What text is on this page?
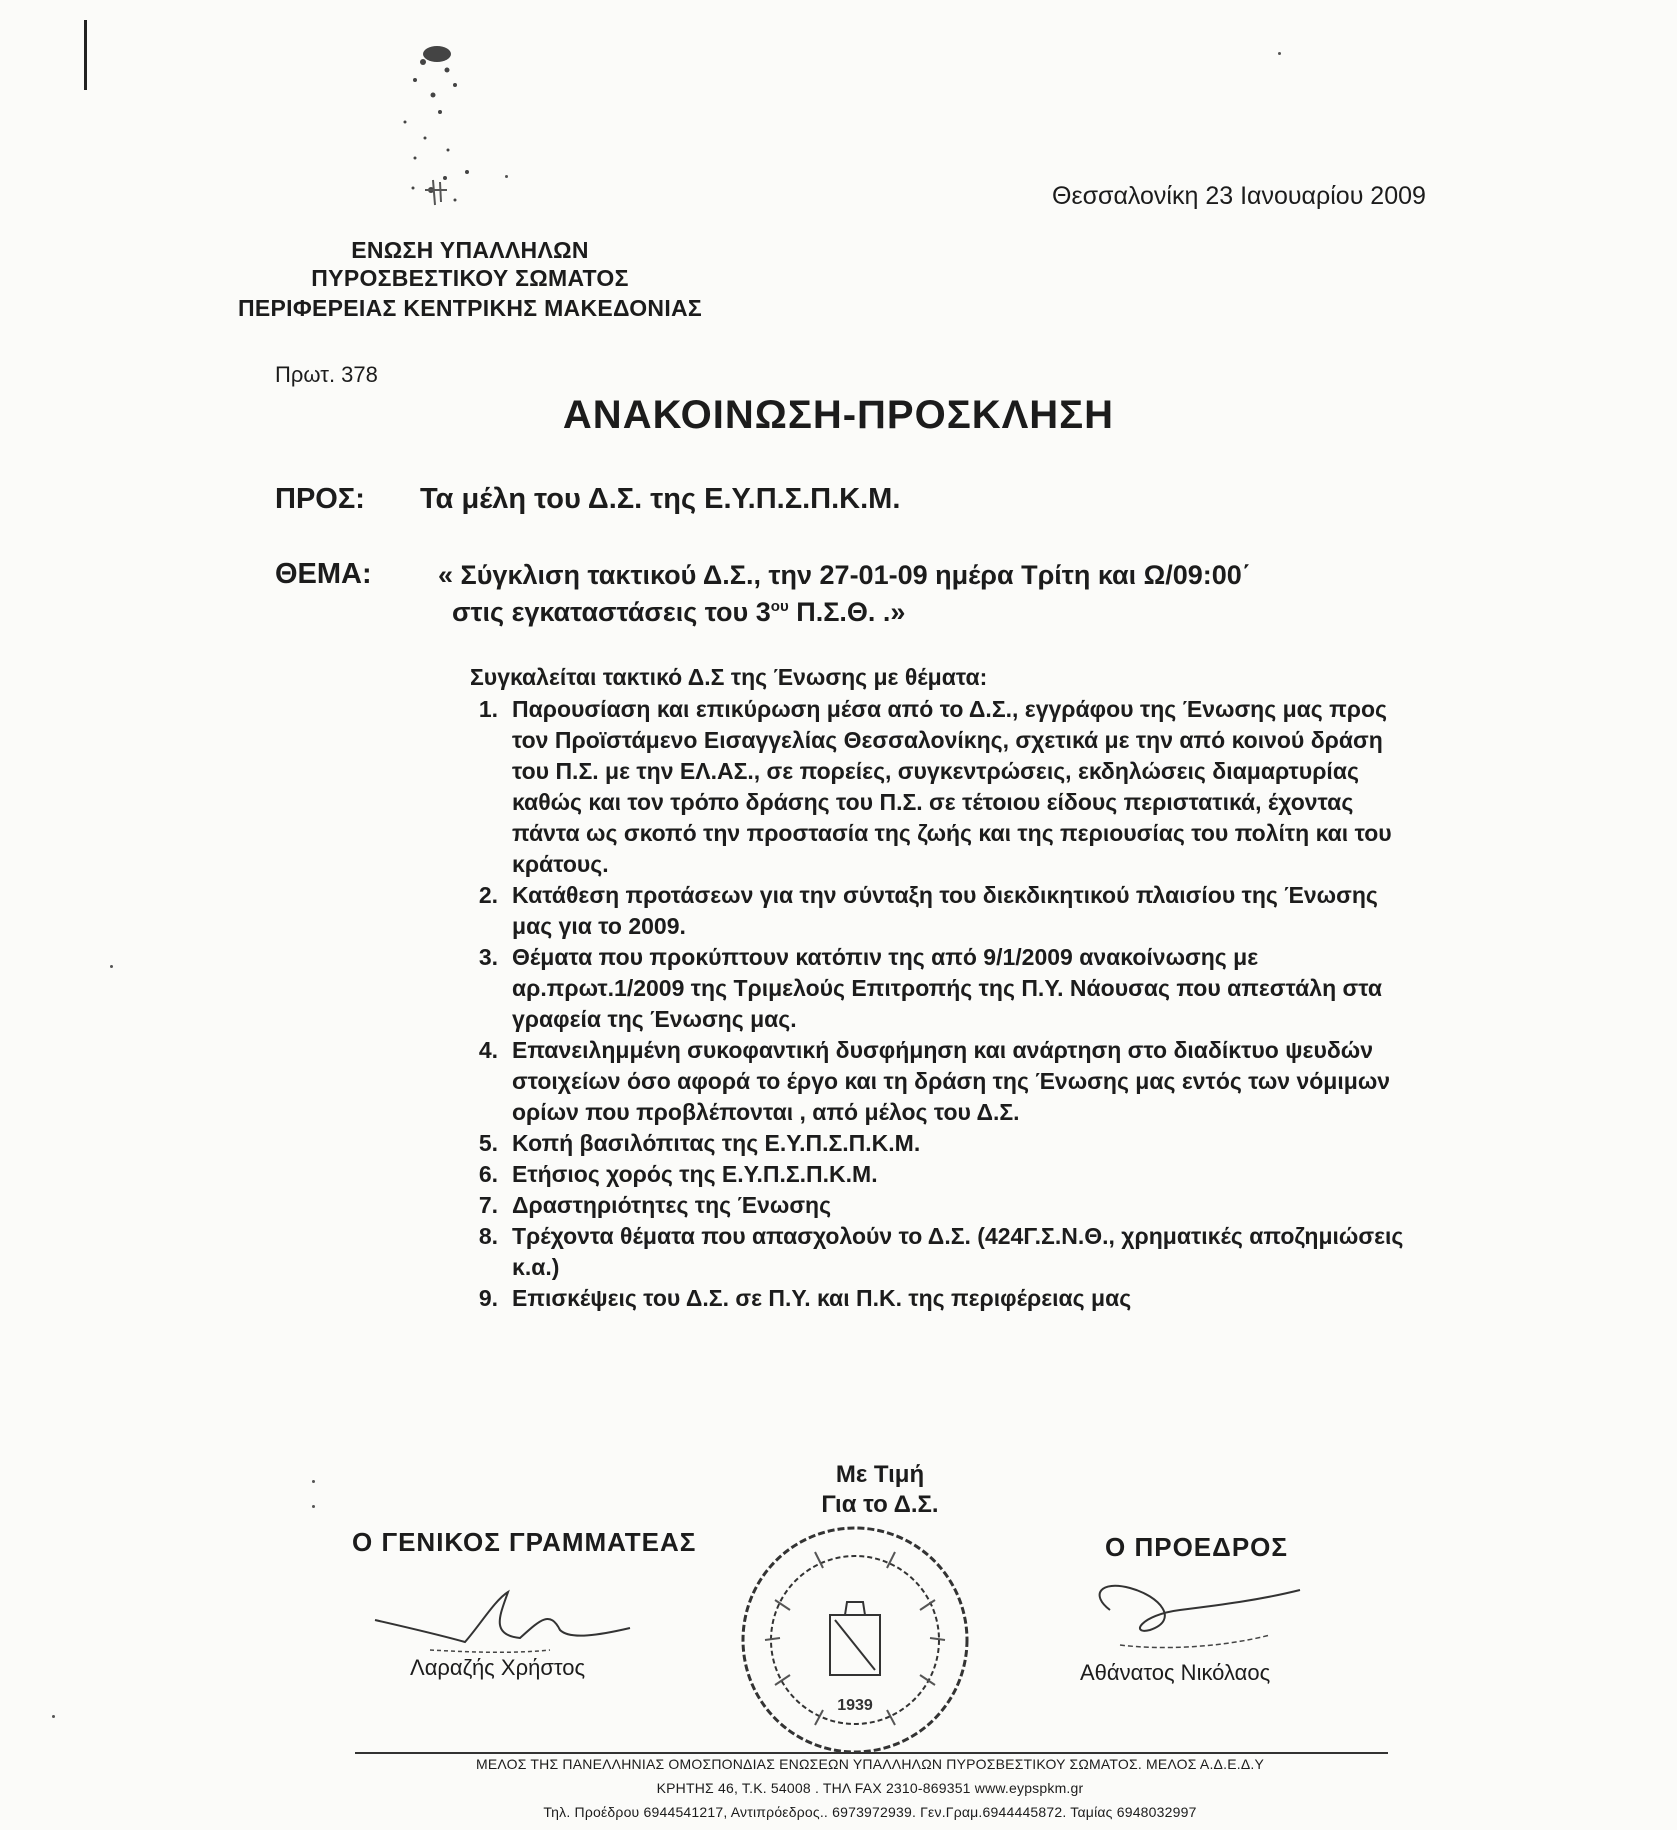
ΕΝΩΣΗ ΥΠΑΛΛΗΛΩΝ
ΠΥΡΟΣΒΕΣΤΙΚΟΥ ΣΩΜΑΤΟΣ
ΠΕΡΙΦΕΡΕΙΑΣ ΚΕΝΤΡΙΚΗΣ ΜΑΚΕΔΟΝΙΑΣ
Θεσσαλονίκη 23 Ιανουαρίου 2009
Πρωτ. 378
ΑΝΑΚΟΙΝΩΣΗ-ΠΡΟΣΚΛΗΣΗ
ΠΡΟΣ: Τα μέλη του Δ.Σ. της Ε.Υ.Π.Σ.Π.Κ.Μ.
ΘΕΜΑ: « Σύγκλιση τακτικού Δ.Σ., την 27-01-09 ημέρα Τρίτη και Ω/09:00΄
στις εγκαταστάσεις του $3^{o\upsilon}$ Π.Σ.Θ. .»
Συγκαλείται τακτικό Δ.Σ της Ένωσης με θέματα:
1. Παρουσίαση και επικύρωση μέσα από το Δ.Σ., εγγράφου της Ένωσης μας προς τον Προϊστάμενο Εισαγγελίας Θεσσαλονίκης, σχετικά με την από κοινού δράση του Π.Σ. με την ΕΛ.ΑΣ., σε πορείες, συγκεντρώσεις, εκδηλώσεις διαμαρτυρίας καθώς και τον τρόπο δράσης του Π.Σ. σε τέτοιου είδους περιστατικά, έχοντας πάντα ως σκοπό την προστασία της ζωής και της περιουσίας του πολίτη και του κράτους.
2. Κατάθεση προτάσεων για την σύνταξη του διεκδικητικού πλαισίου της Ένωσης μας για το 2009.
3. Θέματα που προκύπτουν κατόπιν της από 9/1/2009 ανακοίνωσης με αρ.πρωτ.1/2009 της Τριμελούς Επιτροπής της Π.Υ. Νάουσας που απεστάλη στα γραφεία της Ένωσης μας.
4. Επανειλημμένη συκοφαντική δυσφήμηση και ανάρτηση στο διαδίκτυο ψευδών στοιχείων όσο αφορά το έργο και τη δράση της Ένωσης μας εντός των νόμιμων ορίων που προβλέπονται , από μέλος του Δ.Σ.
5. Κοπή βασιλόπιτας της Ε.Υ.Π.Σ.Π.Κ.Μ.
6. Ετήσιος χορός της Ε.Υ.Π.Σ.Π.Κ.Μ.
7. Δραστηριότητες της Ένωσης
8. Τρέχοντα θέματα που απασχολούν το Δ.Σ. (424Γ.Σ.Ν.Θ., χρηματικές αποζημιώσεις κ.α.)
9. Επισκέψεις του Δ.Σ. σε Π.Υ. και Π.Κ. της περιφέρειας μας
Με Τιμή
Για το Δ.Σ.
Ο ΓΕΝΙΚΟΣ ΓΡΑΜΜΑΤΕΑΣ	Ο ΠΡΟΕΔΡΟΣ
Λαραζής Χρήστος	Αθάνατος Νικόλαος
1939
ΜΕΛΟΣ ΤΗΣ ΠΑΝΕΛΛΗΝΙΑΣ ΟΜΟΣΠΟΝΔΙΑΣ ΕΝΩΣΕΩΝ ΥΠΑΛΛΗΛΩΝ ΠΥΡΟΣΒΕΣΤΙΚΟΥ ΣΩΜΑΤΟΣ. ΜΕΛΟΣ Α.Δ.Ε.Δ.Υ
ΚΡΗΤΗΣ 46, Τ.Κ. 54008 . ΤΗΛ FAX 2310-869351 www.eypspkm.gr
Τηλ. Προέδρου 6944541217, Αντιπρόεδρος.. 6973972939. Γεν.Γραμ.6944445872. Ταμίας 6948032997
